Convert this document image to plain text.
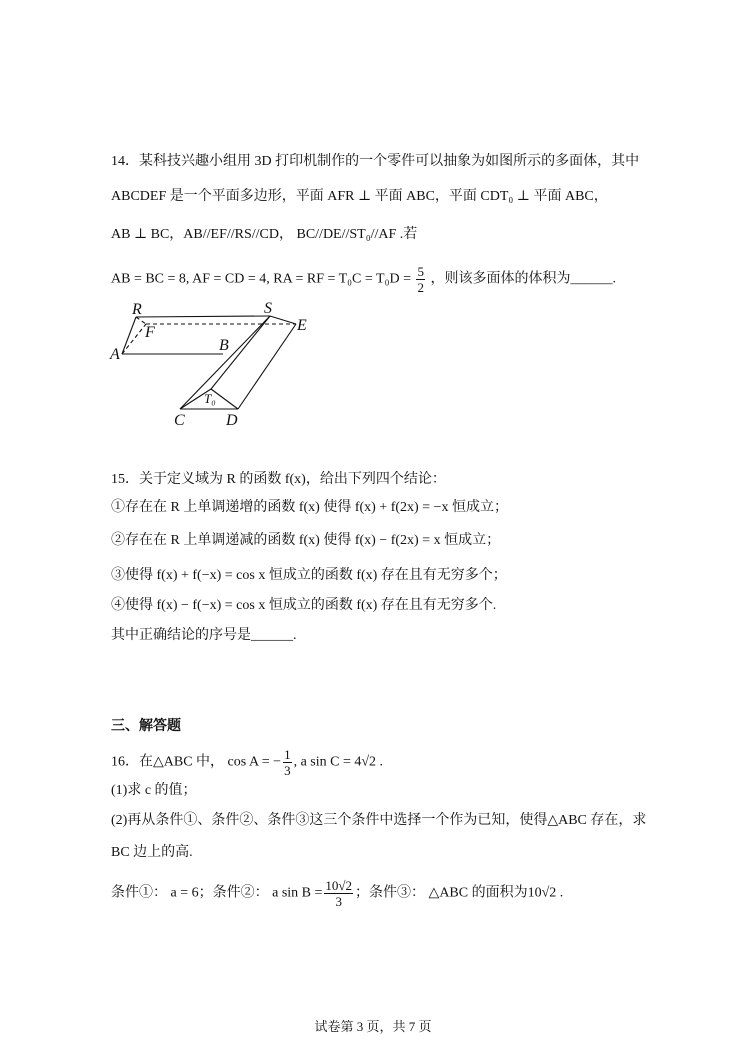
14．某科技兴趣小组用 3D 打印机制作的一个零件可以抽象为如图所示的多面体，其中
ABCDEF 是一个平面多边形，平面 AFR ⊥ 平面 ABC，平面 CDT₀ ⊥ 平面 ABC，
AB ⊥ BC，AB//EF//RS//CD， BC//DE//ST₀//AF .若
AB = BC = 8, AF = CD = 4, RA = RF = $T_0C = T_0D = \frac{5}{2}$ ，则该多面体的体积为______.
R	S
E
F
A
B
C	D
T₀
15．关于定义域为 R 的函数 f(x)，给出下列四个结论：
①存在在 R 上单调递增的函数 f(x) 使得 f(x) + f(2x) = −x 恒成立；
②存在在 R 上单调递减的函数 f(x) 使得 f(x) − f(2x) = x 恒成立；
③使得 f(x) + f(−x) = cos x 恒成立的函数 f(x) 存在且有无穷多个；
④使得 f(x) − f(−x) = cos x 恒成立的函数 f(x) 存在且有无穷多个.
其中正确结论的序号是______.
三、解答题
16．在△ABC 中， cos A = − $\frac{1}{3}$ , a sin C = 4√2 .
(1)求 c 的值；
(2)再从条件①、条件②、条件③这三个条件中选择一个作为已知，使得△ABC 存在，求
BC 边上的高.
条件①： a = 6；条件②： a $\sin B = \frac{10√2}{3}$ ；条件③： △ABC 的面积为10√2 .
试卷第 3 页，共 7 页
